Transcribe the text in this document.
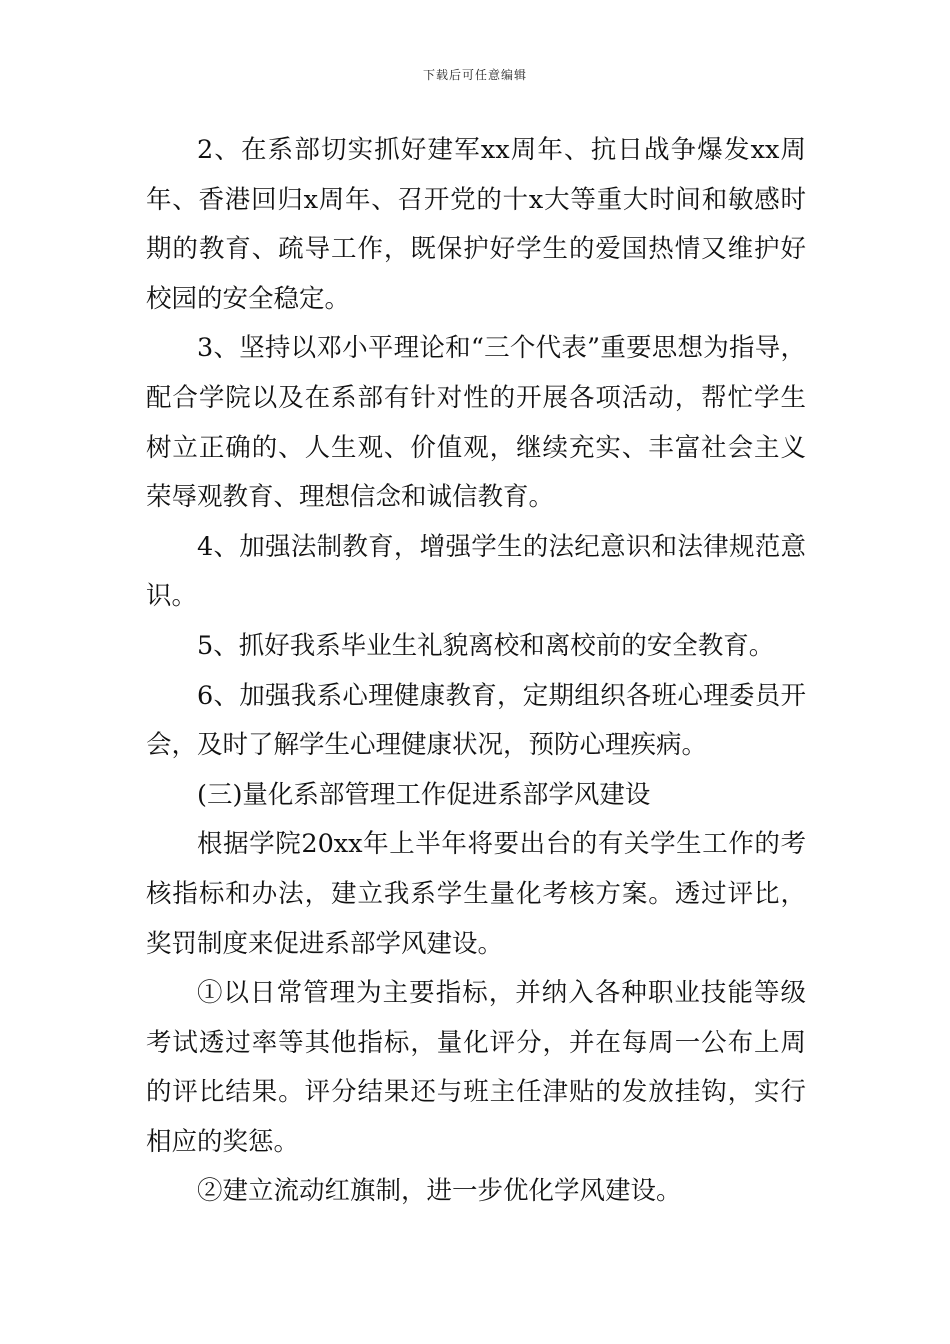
下载后可任意编辑

2、在系部切实抓好建军xx周年、抗日战争爆发xx周年、香港回归x周年、召开党的十x大等重大时间和敏感时期的教育、疏导工作，既保护好学生的爱国热情又维护好校园的安全稳定。

3、坚持以邓小平理论和“三个代表”重要思想为指导，配合学院以及在系部有针对性的开展各项活动，帮忙学生树立正确的、人生观、价值观，继续充实、丰富社会主义荣辱观教育、理想信念和诚信教育。

4、加强法制教育，增强学生的法纪意识和法律规范意识。

5、抓好我系毕业生礼貌离校和离校前的安全教育。

6、加强我系心理健康教育，定期组织各班心理委员开会，及时了解学生心理健康状况，预防心理疾病。

(三)量化系部管理工作促进系部学风建设

根据学院20xx年上半年将要出台的有关学生工作的考核指标和办法，建立我系学生量化考核方案。透过评比，奖罚制度来促进系部学风建设。

①以日常管理为主要指标，并纳入各种职业技能等级考试透过率等其他指标，量化评分，并在每周一公布上周的评比结果。评分结果还与班主任津贴的发放挂钩，实行相应的奖惩。

②建立流动红旗制，进一步优化学风建设。
